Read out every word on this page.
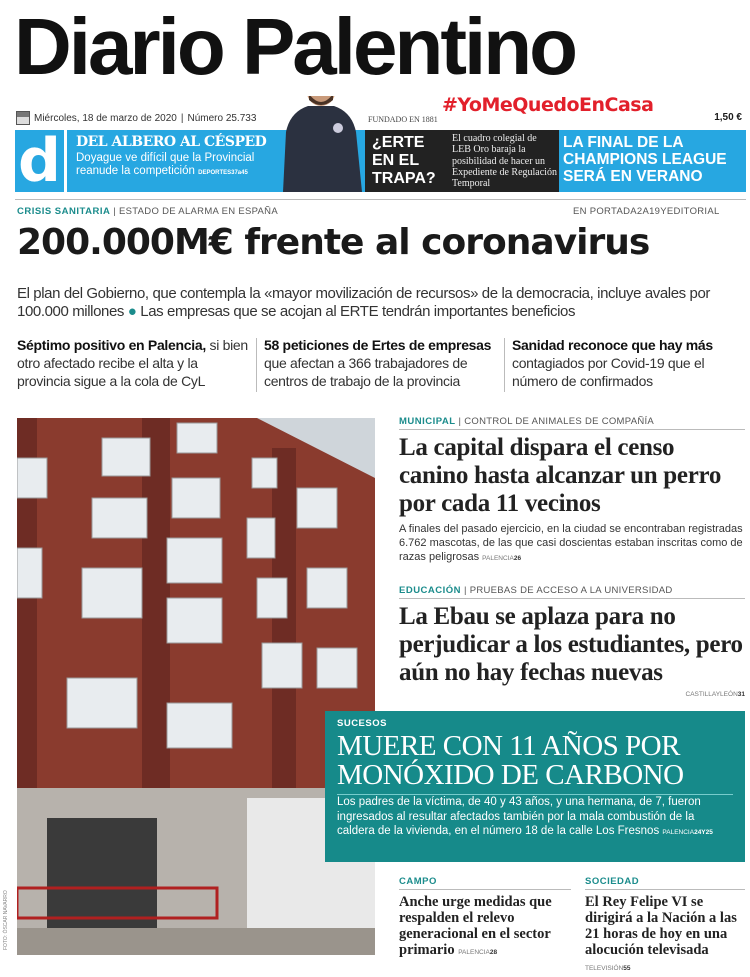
Diario Palentino
#YoMeQuedoEnCasa
Miércoles, 18 de marzo de 2020 | Número 25.733	FUNDADO EN 1881	1,50 €
d	DEL ALBERO AL CÉSPED
Doyague ve difícil que la Provincial reanude la competición DEPORTES37a45
¿ERTE EN EL TRAPA?
El cuadro colegial de LEB Oro baraja la posibilidad de hacer un Expediente de Regulación Temporal
LA FINAL DE LA CHAMPIONS LEAGUE SERÁ EN VERANO
CRISIS SANITARIA | ESTADO DE ALARMA EN ESPAÑA	EN PORTADA2A19YEDITORIAL
200.000M€ frente al coronavirus
El plan del Gobierno, que contempla la «mayor movilización de recursos» de la democracia, incluye avales por 100.000 millones ● Las empresas que se acojan al ERTE tendrán importantes beneficios
Séptimo positivo en Palencia, si bien otro afectado recibe el alta y la provincia sigue a la cola de CyL
58 peticiones de Ertes de empresas que afectan a 366 trabajadores de centros de trabajo de la provincia
Sanidad reconoce que hay más contagiados por Covid-19 que el número de confirmados
FOTO: ÓSCAR NAVARRO
MUNICIPAL | CONTROL DE ANIMALES DE COMPAÑÍA
La capital dispara el censo canino hasta alcanzar un perro por cada 11 vecinos
A finales del pasado ejercicio, en la ciudad se encontraban registradas 6.762 mascotas, de las que casi doscientas estaban inscritas como de razas peligrosas PALENCIA26
EDUCACIÓN | PRUEBAS DE ACCESO A LA UNIVERSIDAD
La Ebau se aplaza para no perjudicar a los estudiantes, pero aún no hay fechas nuevas
CASTILLAYLEÓN31
SUCESOS
MUERE CON 11 AÑOS POR MONÓXIDO DE CARBONO
Los padres de la víctima, de 40 y 43 años, y una hermana, de 7, fueron ingresados al resultar afectados también por la mala combustión de la caldera de la vivienda, en el número 18 de la calle Los Fresnos PALENCIA24Y25
CAMPO
Anche urge medidas que respalden el relevo generacional en el sector primario PALENCIA28
SOCIEDAD
El Rey Felipe VI se dirigirá a la Nación a las 21 horas de hoy en una alocución televisada TELEVISIÓN55
